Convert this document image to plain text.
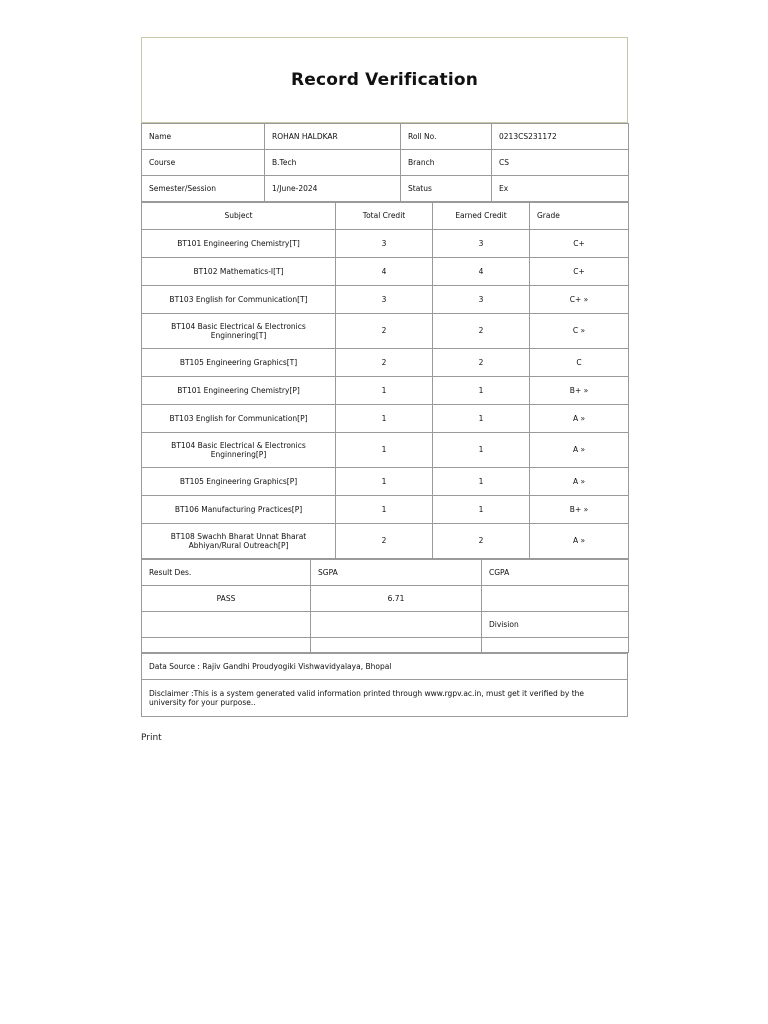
Record Verification
Name	ROHAN HALDKAR	Roll No.	0213CS231172
Course	B.Tech	Branch	CS
Semester/Session	1/June-2024	Status	Ex
Subject	Total Credit	Earned Credit	Grade
BT101 Engineering Chemistry[T]	3	3	C+
BT102 Mathematics-I[T]	4	4	C+
BT103 English for Communication[T]	3	3	C+ »
BT104 Basic Electrical & Electronics Enginnering[T]	2	2	C »
BT105 Engineering Graphics[T]	2	2	C
BT101 Engineering Chemistry[P]	1	1	B+ »
BT103 English for Communication[P]	1	1	A »
BT104 Basic Electrical & Electronics Enginnering[P]	1	1	A »
BT105 Engineering Graphics[P]	1	1	A »
BT106 Manufacturing Practices[P]	1	1	B+ »
BT108 Swachh Bharat Unnat Bharat Abhiyan/Rural Outreach[P]	2	2	A »
Result Des.	SGPA	CGPA
PASS	6.71	
		Division

Data Source : Rajiv Gandhi Proudyogiki Vishwavidyalaya, Bhopal
Disclaimer :This is a system generated valid information printed through www.rgpv.ac.in, must get it verified by the university for your purpose..
Print
